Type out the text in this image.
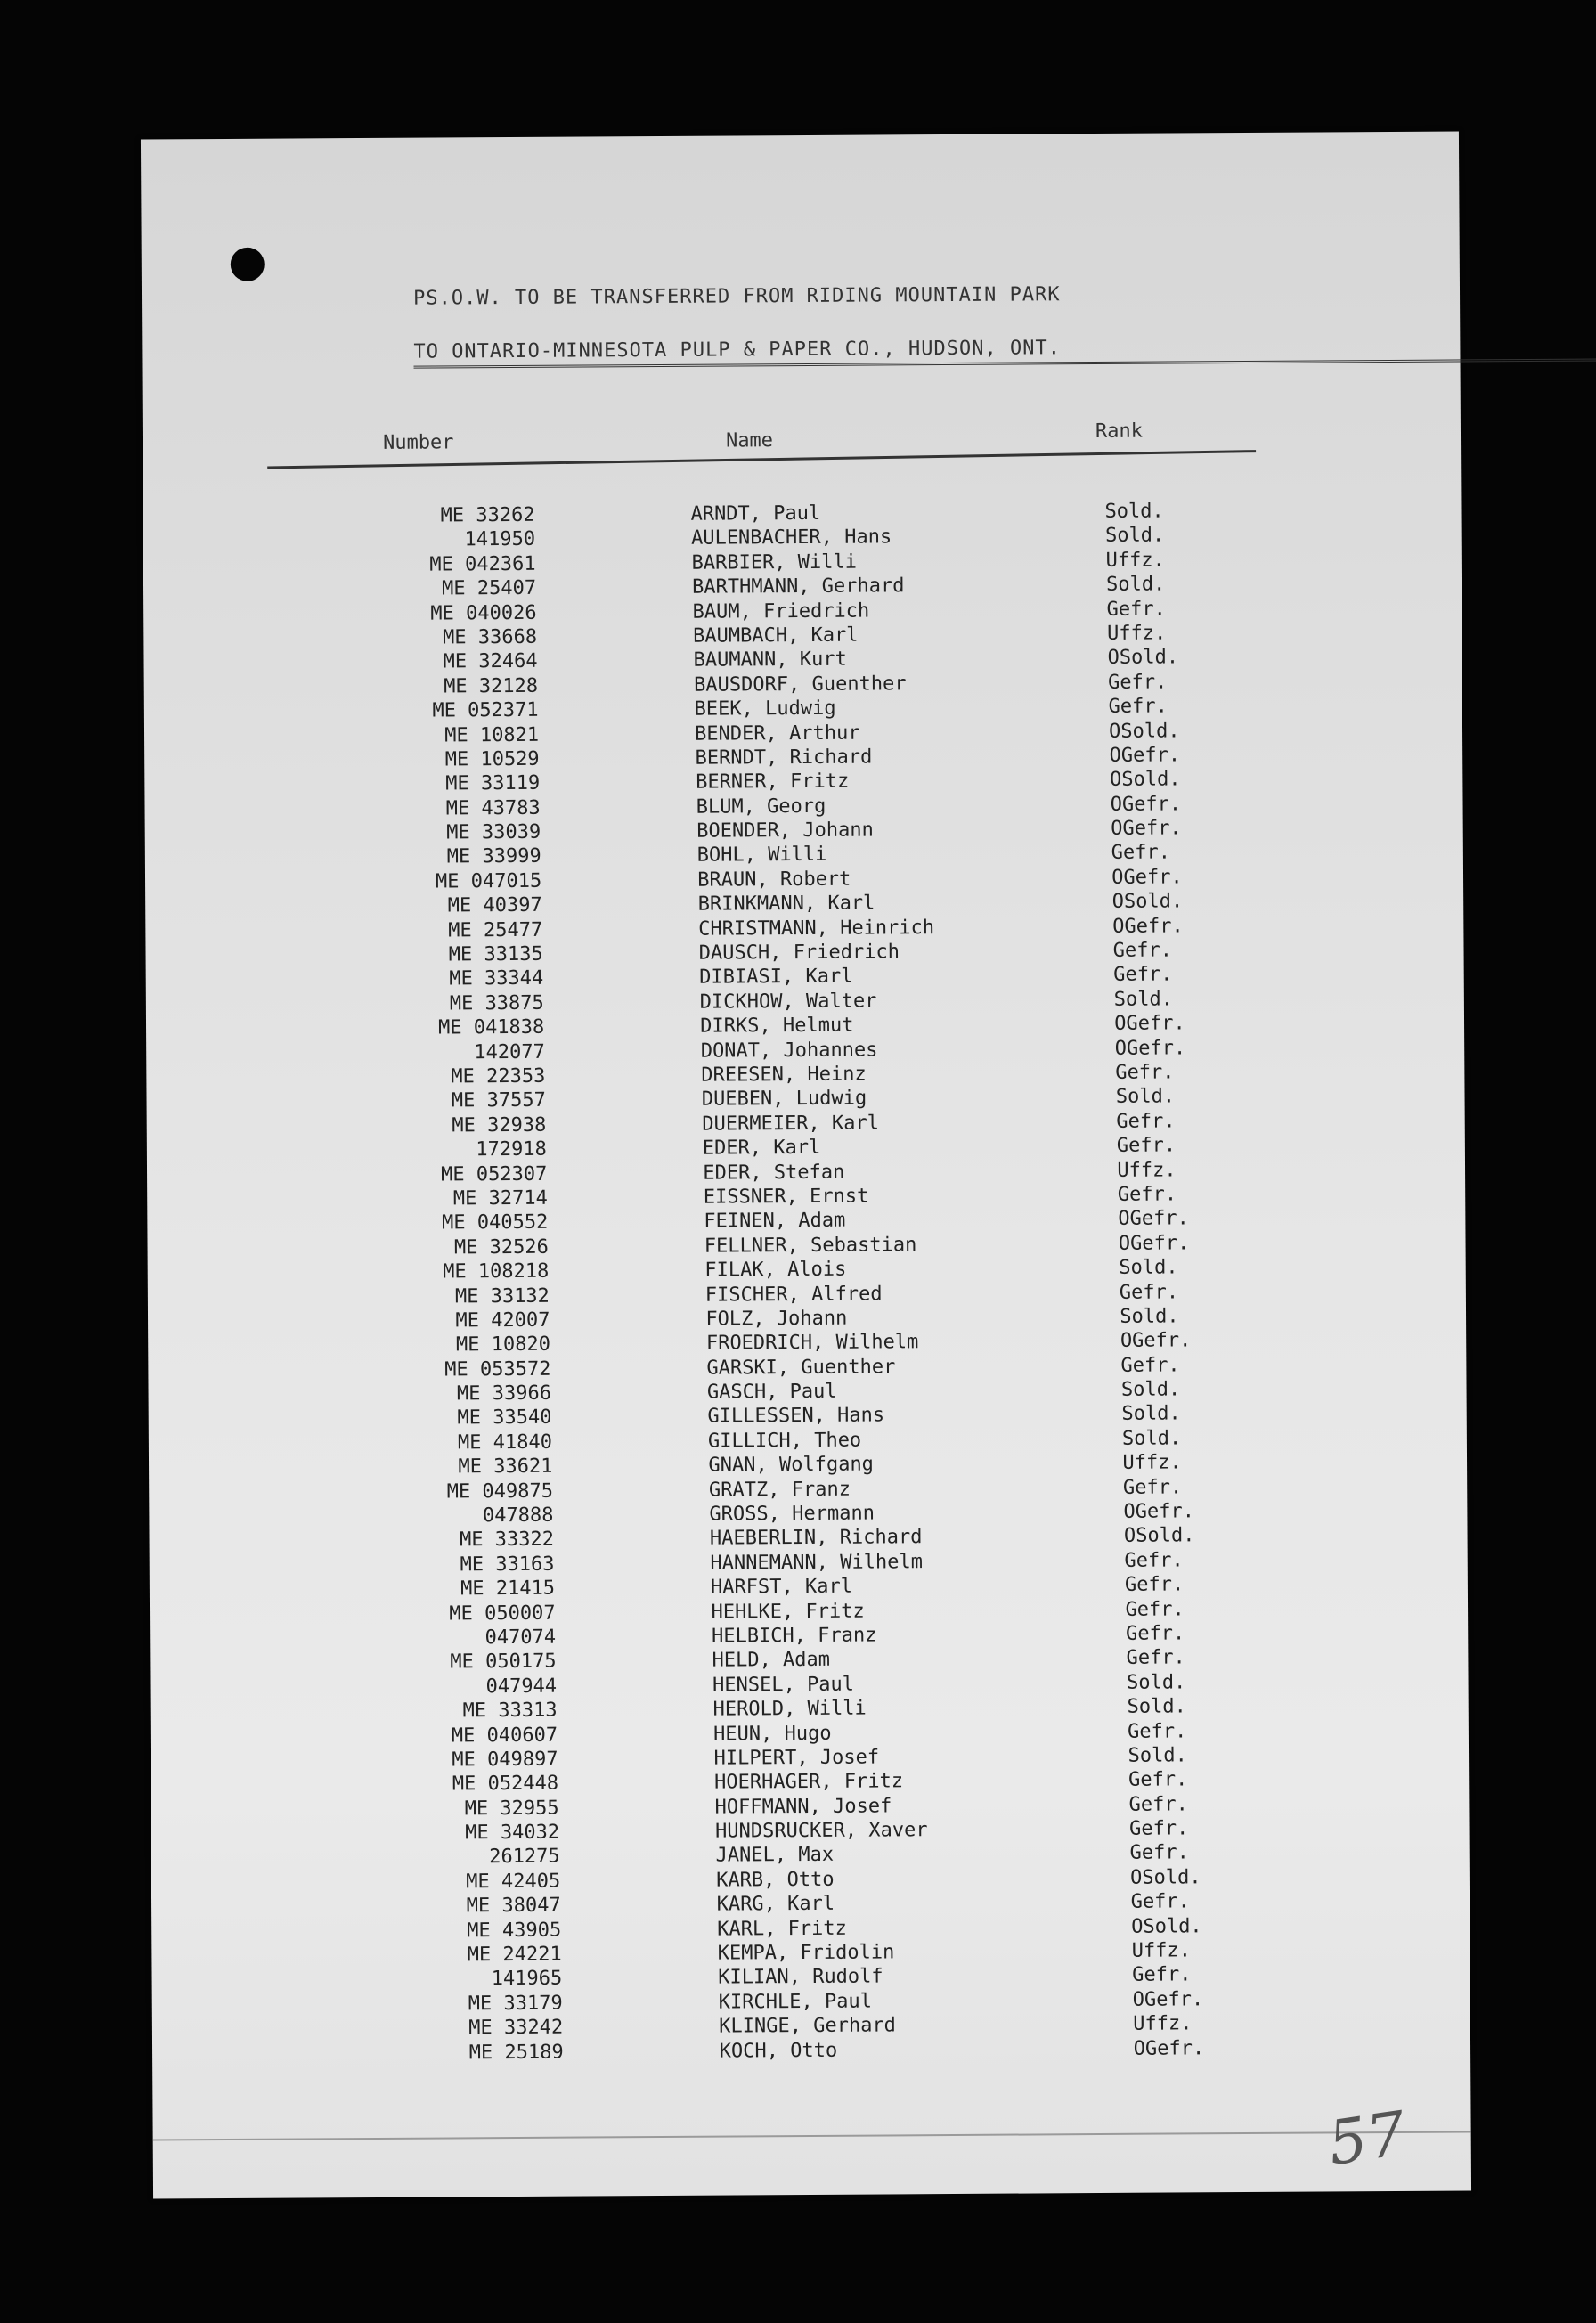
PS.O.W. TO BE TRANSFERRED FROM RIDING MOUNTAIN PARK
TO ONTARIO-MINNESOTA PULP & PAPER CO., HUDSON, ONT.
Number	Name	Rank
ME 33262	ARNDT, Paul	Sold.
141950	AULENBACHER, Hans	Sold.
ME 042361	BARBIER, Willi	Uffz.
ME 25407	BARTHMANN, Gerhard	Sold.
ME 040026	BAUM, Friedrich	Gefr.
ME 33668	BAUMBACH, Karl	Uffz.
ME 32464	BAUMANN, Kurt	OSold.
ME 32128	BAUSDORF, Guenther	Gefr.
ME 052371	BEEK, Ludwig	Gefr.
ME 10821	BENDER, Arthur	OSold.
ME 10529	BERNDT, Richard	OGefr.
ME 33119	BERNER, Fritz	OSold.
ME 43783	BLUM, Georg	OGefr.
ME 33039	BOENDER, Johann	OGefr.
ME 33999	BOHL, Willi	Gefr.
ME 047015	BRAUN, Robert	OGefr.
ME 40397	BRINKMANN, Karl	OSold.
ME 25477	CHRISTMANN, Heinrich	OGefr.
ME 33135	DAUSCH, Friedrich	Gefr.
ME 33344	DIBIASI, Karl	Gefr.
ME 33875	DICKHOW, Walter	Sold.
ME 041838	DIRKS, Helmut	OGefr.
142077	DONAT, Johannes	OGefr.
ME 22353	DREESEN, Heinz	Gefr.
ME 37557	DUEBEN, Ludwig	Sold.
ME 32938	DUERMEIER, Karl	Gefr.
172918	EDER, Karl	Gefr.
ME 052307	EDER, Stefan	Uffz.
ME 32714	EISSNER, Ernst	Gefr.
ME 040552	FEINEN, Adam	OGefr.
ME 32526	FELLNER, Sebastian	OGefr.
ME 108218	FILAK, Alois	Sold.
ME 33132	FISCHER, Alfred	Gefr.
ME 42007	FOLZ, Johann	Sold.
ME 10820	FROEDRICH, Wilhelm	OGefr.
ME 053572	GARSKI, Guenther	Gefr.
ME 33966	GASCH, Paul	Sold.
ME 33540	GILLESSEN, Hans	Sold.
ME 41840	GILLICH, Theo	Sold.
ME 33621	GNAN, Wolfgang	Uffz.
ME 049875	GRATZ, Franz	Gefr.
047888	GROSS, Hermann	OGefr.
ME 33322	HAEBERLIN, Richard	OSold.
ME 33163	HANNEMANN, Wilhelm	Gefr.
ME 21415	HARFST, Karl	Gefr.
ME 050007	HEHLKE, Fritz	Gefr.
047074	HELBICH, Franz	Gefr.
ME 050175	HELD, Adam	Gefr.
047944	HENSEL, Paul	Sold.
ME 33313	HEROLD, Willi	Sold.
ME 040607	HEUN, Hugo	Gefr.
ME 049897	HILPERT, Josef	Sold.
ME 052448	HOERHAGER, Fritz	Gefr.
ME 32955	HOFFMANN, Josef	Gefr.
ME 34032	HUNDSRUCKER, Xaver	Gefr.
261275	JANEL, Max	Gefr.
ME 42405	KARB, Otto	OSold.
ME 38047	KARG, Karl	Gefr.
ME 43905	KARL, Fritz	OSold.
ME 24221	KEMPA, Fridolin	Uffz.
141965	KILIAN, Rudolf	Gefr.
ME 33179	KIRCHLE, Paul	OGefr.
ME 33242	KLINGE, Gerhard	Uffz.
ME 25189	KOCH, Otto	OGefr.
57
